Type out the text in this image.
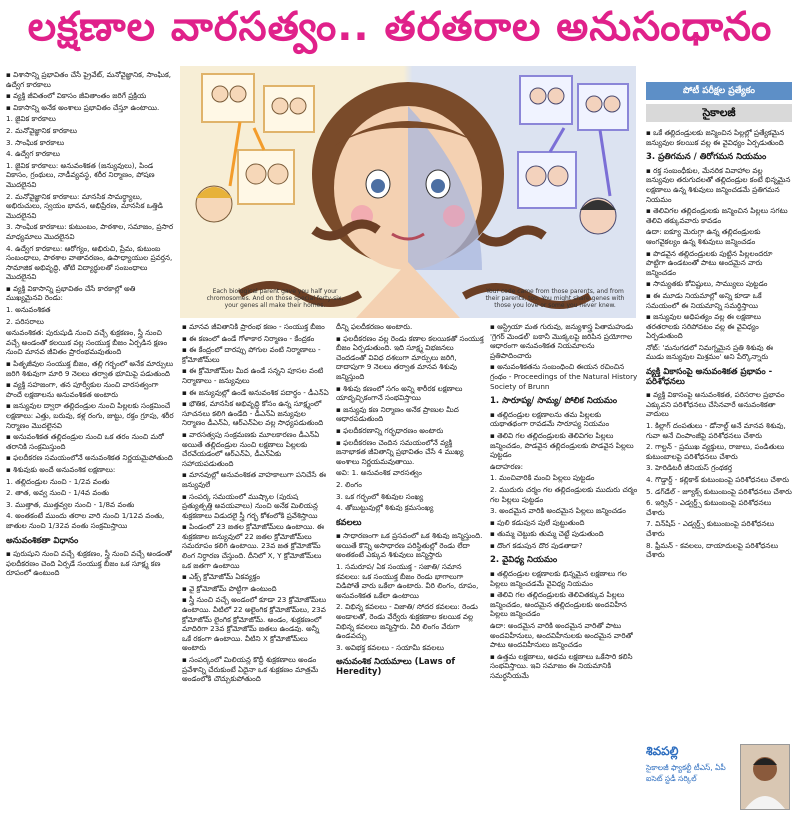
లక్షణాల వారసత్వం.. తరతరాల అనుసంధానం
Each biological parent gave you half your chromosomes. And on those special forty-six, your genes all make their homes.
Your code came from those parents, and from their parents, too. You might share genes with those you love or some you never knew.

▪ విశాసాన్ని ప్రభావితం చేసే ప్రైవేట్, మనోవైజ్ఞానిక, సాంఘిక, ఉద్వేగ కారకాలు

▪ వ్యక్తి జీవితంలో వికాసం జీవితాంతం జరిగే ప్రక్రియ

▪ వికాసాన్ని అనేక అంశాలు ప్రభావితం చేస్తూ ఉంటాయి.

1. జైవిక కారకాలు

2. మనోవైజ్ఞానిక కారకాలు

3. సాంఘిక కారకాలు

4. ఉద్వేగ కారకాలు

1. జైవిక కారకాలు: అనువంశికత (జన్యువులు), పిండ వికాసం, గ్రంథులు, నాడీవ్యవస్థ, శరీర నిర్మాణం, పోషణ మొదలైనవి

2. మనోవైజ్ఞానిక కారకాలు: మానసిక సామర్థ్యాలు, అభిరుచులు, స్వయం భావన, అభిప్రేరణ, మానసిక ఒత్తిడి మొదలైనవి

3. సాంఘిక కారకాలు: కుటుంబం, పాఠశాల, సమాజం, ప్రసార మాధ్యమాలు మొదలైనవి

4. ఉద్వేగ కారకాలు: ఆరోగ్యం, అభిరుచి, ప్రేమ, కుటుంబ సంబంధాలు, పాఠశాల వాతావరణం, ఉపాధ్యాయుల ప్రవర్తన, సామాజిక అభివృద్ధి, తోటి విద్యార్థులతో సంబంధాలు మొదలైనవి

▪ వ్యక్తి వికాసాన్ని ప్రభావితం చేసే కారకాల్లో అతి ముఖ్యమైనవి రెండు:

1. అనువంశికత

2. పరిసరాలు

అనువంశికత: పురుషుడి నుంచి వచ్చే శుక్రకణం, స్త్రీ నుంచి వచ్చే అండంతో కలయిక వల్ల సంయుక్త బీజం ఏర్పడిన క్షణం నుంచి మానవ జీవితం ప్రారంభమవుతుంది

▪ పితృజీవుల సంయుక్త బీజం, తల్లి గర్భంలో అనేక మార్పులు జరిగి శిశువుగా మారి 9 నెలలు తర్వాత భూమిపై పడుతుంది

▪ వ్యక్తి సహజంగా, తన పూర్వీకుల నుంచి వారసత్వంగా పొందే లక్షణాలను అనువంశికత అంటారు

▪ జన్యువుల ద్వారా తల్లిదండ్రుల నుంచి పిల్లలకు సంక్రమించే లక్షణాలు: ఎత్తు, బరువు, కళ్ల రంగు, జుట్టు, రక్తం గ్రూపు, శరీర నిర్మాణం మొదలైనవి

▪ అనువంశికత తల్లిదండ్రుల నుంచి ఒక తరం నుంచి మరో తరానికి సంక్రమిస్తుంది

▪ ఫలదీకరణ సమయంలోనే అనువంశికత నిర్ణయమైపోతుంది

▪ శిశువుకు అందే అనువంశిక లక్షణాలు:

1. తల్లిదండ్రుల నుంచి - 1/2వ వంతు

2. తాత, అవ్వ నుంచి - 1/4వ వంతు

3. ముత్తాత, ముత్తవ్వల నుంచి - 1/8వ వంతు

4. అంతకంటే ముందు తరాల వారి నుంచి 1/12వ వంతు, జాతుల నుంచి 1/32వ వంతు సంక్రమిస్తాయి

అనువంశికతా విధానం

▪ పురుషుని నుంచి వచ్చే శుక్రకణం, స్త్రీ నుంచి వచ్చే అండంతో ఫలదీకరణం చెంది ఏర్పడే సంయుక్త బీజం ఒక సూక్ష్మ కణ రూపంలో ఉంటుంది

▪ మానవ జీవితానికి ప్రారంభ కణం - సంయుక్త బీజం

▪ ఈ కణంలో ఉండే గోళాకార నిర్మాణం - కేంద్రకం

▪ ఈ కేంద్రంలో దారప్పు పోగుల వంటి నిర్మాణాలు - క్రోమోజోమ్‌లు

▪ ఈ క్రోమోజోమ్‌ల మీద ఉండే సన్నని పూసల వంటి నిర్మాణాలు - జన్యువులు

▪ ఈ జన్యువుల్లో ఉండే అనువంశిక పదార్థం - డీఎన్ఏ

▪ భౌతిక, మానసిక అభివృద్ధి కోసం ఉన్న సూక్ష్మంలో సూచనలు కలిగి ఉండేది - డీఎన్ఏ జన్యువుల నిర్మాణం డీఎన్ఏ, ఆర్ఎన్ఏల వల్ల సాధ్యపడుతుంది

▪ వారసత్వపు సంక్రమణకు మూలకారణం డీఎన్ఏ అయితే తల్లిదండ్రుల నుంచి లక్షణాలు పిల్లలకు చేరవేయడంలో ఆర్ఎన్ఏ, డీఎన్ఏకు సహాయపడుతుంది

▪ మానవుల్లో అనువంశికత వాహకాలుగా పనిచేసే ఈ జన్యువులే

▪ సంపర్క సమయంలో ముష్కాల (పురుష ప్రత్యుత్పత్తి అవయవాలు) నుంచి అనేక మిలియన్ల శుక్రకణాలు విడుదలై స్త్రీ గర్భ కోశంలోకి ప్రవేశిస్తాయి

▪ పిండంలో 23 జతల క్రోమోజోమ్‌లు ఉంటాయి. ఈ శుక్రకణాల జన్యువులో 22 జతల క్రోమోజోమ్‌లు సమరూపం కలిగి ఉంటాయి. 23వ జత క్రోమోజోమ్‌ లింగ నిర్ధారణ చేస్తుంది. దీనిలో X, Y క్రోమోజోమ్‌లు ఒక జతగా ఉంటాయి

▪ ఎక్స్ క్రోమోజోమ్ ఏకవ్యక్తం

▪ వై క్రోమోజోమ్ పొట్టిగా ఉంటుంది

▪ స్త్రీ నుంచి వచ్చే అండంలో కూడా 23 క్రోమోజోమ్‌లు ఉంటాయి. వీటిలో 22 అలైంగిక క్రోమోజోమ్‌లు, 23వ క్రోమోజోమ్‌ లైంగిక క్రోమోజోమ్. అండం, శుక్రకణంలో మాదిరిగా 23వ క్రోమోజోమ్ జతలు ఉండవు. అన్నీ ఒకే రకంగా ఉంటాయి. వీటిని X క్రోమోజోమ్‌లు అంటారు

▪ సంపర్కంలో మిలియన్ల కొద్దీ శుక్రకణాలు అండం ప్రవేశాన్ని చేరుకుంటే ఏదైనా ఒక శుక్రకణం మాత్రమే అండంలోకి చొచ్చుకుపోతుంది

దీన్ని ఫలదీకరణం అంటారు.

▪ ఫలదీకరణం వల్ల రెండు కణాల కలయికతో సంయుక్త బీజం ఏర్పడుతుంది. ఇది సూక్ష్మ విభజనలు చెందడంతో వివిధ దశలుగా మార్పులు జరిగి, దాదాపుగా 9 నెలలు తర్వాత మానవ శిశువు జన్మిస్తుంది

▪ శిశువు కణంలో సగం అన్ని శారీరక లక్షణాలు యాదృచ్ఛికంగానే సంభవిస్తాయి

▪ జన్యువు కణ నిర్మాణం అనేక ప్రాణుల మీద ఆధారపడుతుంది

▪ ఫలదీకరణాన్ని గర్భధారణం అంటారు

▪ ఫలదీకరణం చెందిన సమయంలోనే వ్యక్తి జనాభాకత జీవితాన్ని ప్రభావితం చేసే 4 ముఖ్య అంశాలు నిర్ణయమవుతాయి.

అవి: 1. అనువంశిక వారసత్వం

2. లింగం

3. ఒక గర్భంలో శిశువుల సంఖ్య

4. తోబుట్టువుల్లో శిశువు క్రమసంఖ్య

కవలలు

▪ సాధారణంగా ఒక ప్రసవంలో ఒక శిశువు జన్మిస్తుంది. అయితే కొన్ని అసాధారణ పరిస్థితుల్లో రెండు లేదా అంతకంటే ఎక్కువ శిశువులు జన్మిస్తారు

1. సమరూప/ ఏక సంయుక్త - సజాతి/ సమాన కవలలు: ఒక సంయుక్త బీజం రెండు భాగాలుగా విడిపోతే వారు ఒకేలా ఉంటారు. వీరి లింగం, రూపం, అనువంశికత ఒకేలా ఉంటాయి

2. విభిన్న కవలలు - విజాతి/ సోదర కవలలు: రెండు అండాలతో, రెండు వేర్వేరు శుక్రకణాల కలయిక వల్ల విభిన్న కవలలు జన్మిస్తారు. వీరి లింగం వేరుగా ఉండవచ్చు

3. అవిభక్త కవలలు - సయామీ కవలలు

అనువంశిక నియమాలు (Laws of Heredity)

▪ ఆస్ట్రియా మత గురువు, జన్యుశాస్త్ర పితామహుడు 'గ్రెగర్ మెండల్' బఠానీ మొక్కలపై జరిపిన ప్రయోగాల ఆధారంగా అనువంశికత నియమాలను ప్రతిపాదించారు

▪ అనువంశికతను సంబంధించి ఈయన రచించిన గ్రంథం - Proceedings of the Natural History Society of Brunn

1. సారూప్య/ సామ్య/ పోలిక నియమం

▪ తల్లిదండ్రుల లక్షణాలను తమ పిల్లలకు యథాతథంగా రావడమే సారూప్య నియమం

▪ తెలివి గల తల్లిదండ్రులకు తెలివిగల పిల్లలు జన్మించడం, పొడవైన తల్లిదండ్రులకు పొడవైన పిల్లలు పుట్టడం

ఉదాహరణ:

1. మంచివారికి మంచి పిల్లలు పుట్టడం

2. ముదురు చర్మం గల తల్లిదండ్రులకు ముదురు చర్మం గల పిల్లలు పుట్టడం

3. అందమైన వారికి అందమైన పిల్లలు జన్మించడం

▪ పులి కడుపున పులే పుట్టుతుంది

▪ తుమ్మ చెట్టుకు తుమ్మ చెట్టే పుడుతుంది

▪ దొంగ కడుపున దొర పుడతాడా?

2. వైవిధ్య నియమం

▪ తల్లిదండ్రుల లక్షణాలకు భిన్నమైన లక్షణాలు గల పిల్లలు జన్మించడమే వైవిధ్య నియమం

▪ తెలివి గల తల్లిదండ్రులకు తెలివితక్కువ పిల్లలు జన్మించడం, అందమైన తల్లిదండ్రులకు అందవిహీన పిల్లలు జన్మించడం

ఉదా: అందమైన వారికి అందమైన వారితో పాటు అందవిహీనులు, అందవిహీనులకు అందమైన వారితో పాటు అందవిహీనులు జన్మించడం

▪ ఉత్తమ లక్షణాలు, అధమ లక్షణాలు ఒకేసారి కలిసి సంభవిస్తాయి. ఇవి సమాజం ఈ నియమానికి సమర్థనీయమే

పోటీ పరీక్షల ప్రత్యేకం
సైకాలజీ

▪ ఒకే తల్లిదండ్రులకు జన్మించిన పిల్లల్లో ప్రత్యేకమైన జన్యువుల కలయిక వల్ల ఈ వైవిధ్యం ఏర్పడుతుంది

3. ప్రతిగమన / తిరోగమన నియమం

▪ రక్త సంబంధీకుల, మేనరిక వివాహాల వల్ల జన్యువుల తరుగుదలతో తల్లిదండ్రుల కంటే భిన్నమైన లక్షణాలు ఉన్న శిశువులు జన్మించడమే ప్రతిగమన నియమం

▪ తెలివిగల తల్లిదండ్రులకు జన్మించిన పిల్లలు సగటు తెలివి తక్కువవారు కావడం

ఉదా: ఐక్యూ మెరుగ్గా ఉన్న తల్లిదండ్రులకు ఆంగవైకల్యం ఉన్న శిశువులు జన్మించడం

▪ పొడవైన తల్లిదండ్రులకు పుట్టిన పిల్లలందరూ పొట్టిగా ఉండటంతో పాటు అందమైన వారు జన్మించడం

▪ సామ్యతకు కోవిష్టులు, సామ్యులు పుట్టడం

▪ ఈ మూడు నియమాల్లో అన్ని కూడా ఒకే సమయంలో ఈ నియమాన్ని సమర్థిస్తాయి

▪ జన్యువుల అధిపత్యం వల్ల ఈ లక్షణాలు తరతరాలకు సరిపోవటం వల్ల ఈ వైవిధ్యం ఏర్పడుతుంది

నోట్: 'మనుగడలో నిమగ్నమైన ప్రతి శిశువు ఈ ముడు జన్యువుల మిశ్రమం' అని పేర్కొన్నారు

వ్యక్తి వికాసంపై అనువంశికత ప్రభావం - పరిశోధనలు

▪ వ్యక్తి వికాసంపై అనువంశికత, పరిసరాల ప్రభావం ఎక్కువని పరిశోధనలు చేసినవారే అనువంశికతా వాదులు

1. కిల్లాగ్ దంపతులు - డోనాల్డ్ అనే మానవ శిశువు, గువా అనే చింపాంజీపై పరిశోధనలు చేశారు

2. గాల్టన్ - ప్రముఖ వ్యక్తులు, రాజులు, పండితులు కుటుంబాలపై పరిశోధనలు చేశారు

3. హెరిడిటరీ జీనియస్ గ్రంథకర్త

4. గొడ్డార్డ్ - కల్లికాక్ కుటుంబంపై పరిశోధనలు చేశారు

5. డగ్‌డేల్ - జ్యూక్స్ కుటుంబంపై పరిశోధనలు చేశారు

6. ఇర్విన్ - ఎడ్వర్డ్స్ కుటుంబంపై పరిశోధనలు చేశారు

7. విన్‌షిప్ - ఎడ్వర్డ్స్ కుటుంబంపై పరిశోధనలు చేశారు

8. ఫ్రీమన్ - కవలలు, దాయాదులపై పరిశోధనలు చేశారు

శివపల్లి
సైకాలజీ ఫ్యాకల్టీ టీఎస్, ఏపీ ఐసెట్ స్టడీ సర్కిల్
